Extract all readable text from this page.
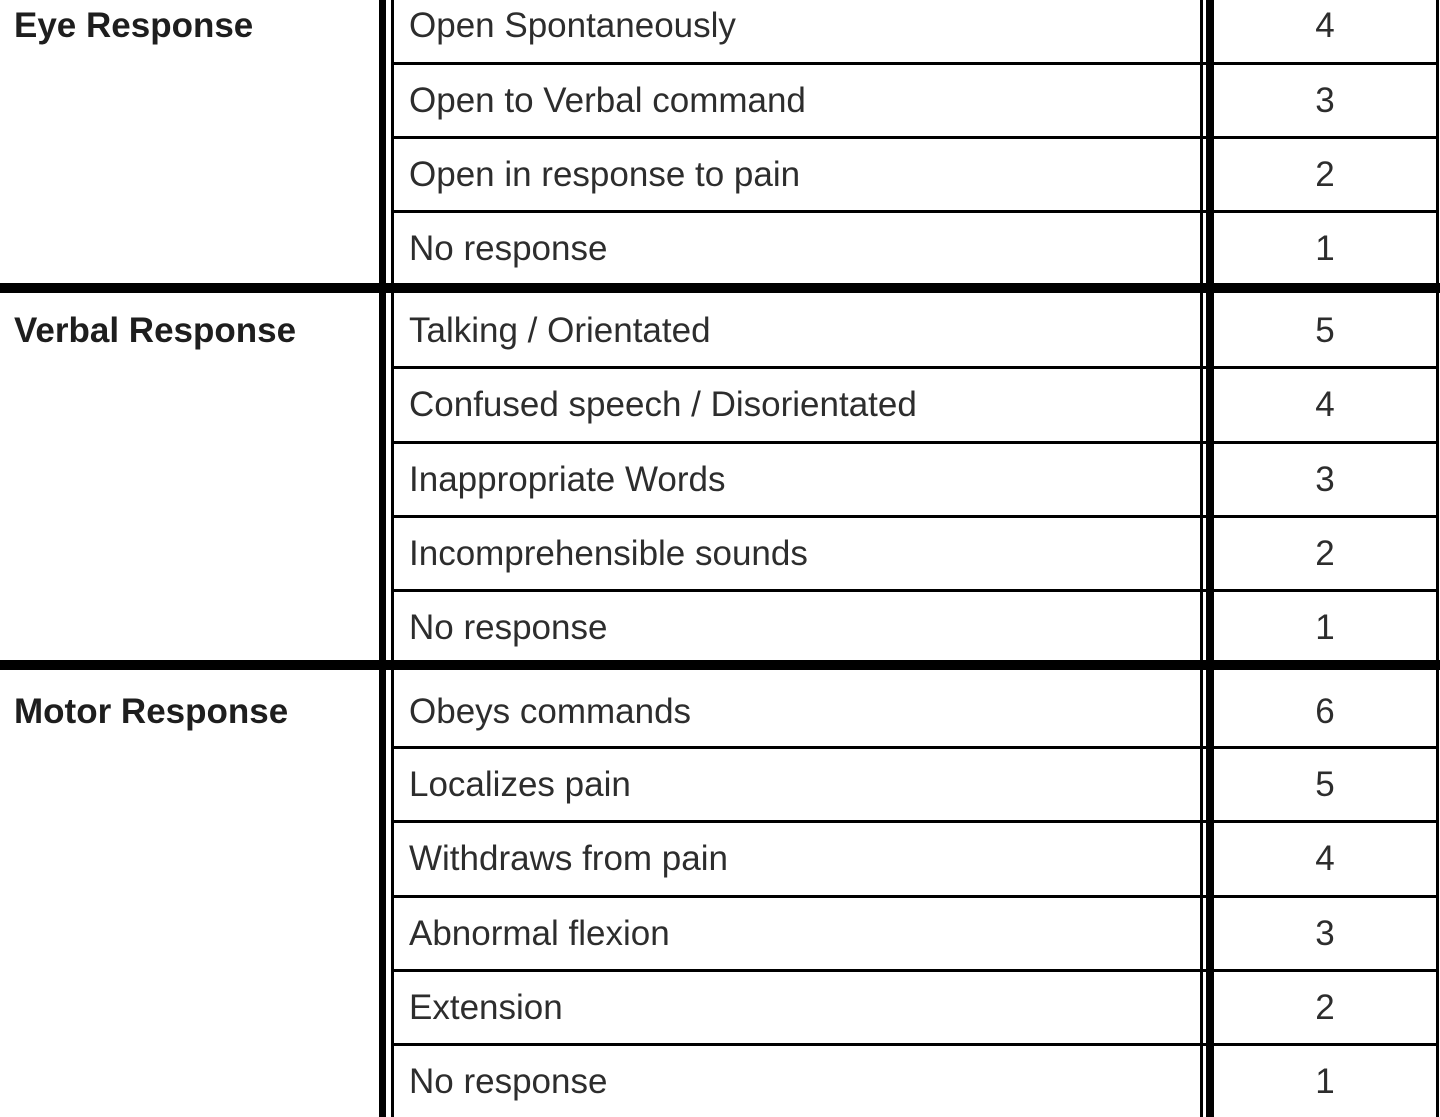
Eye Response	Open Spontaneously	4
Open to Verbal command	3
Open in response to pain	2
No response	1
Verbal Response	Talking / Orientated	5
Confused speech / Disorientated	4
Inappropriate Words	3
Incomprehensible sounds	2
No response	1
Motor Response	Obeys commands	6
Localizes pain	5
Withdraws from pain	4
Abnormal flexion	3
Extension	2
No response	1
